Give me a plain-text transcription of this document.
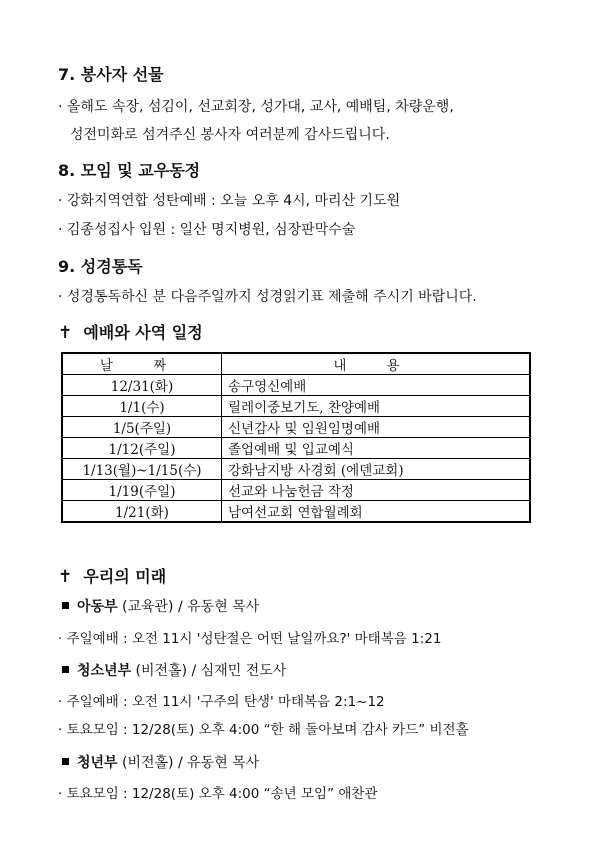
7. 봉사자 선물
· 올해도 속장, 섬김이, 선교회장, 성가대, 교사, 예배팀, 차량운행,
성전미화로 섬겨주신 봉사자 여러분께 감사드립니다.
8. 모임 및 교우동정
· 강화지역연합 성탄예배 : 오늘 오후 4시, 마리산 기도원
· 김종성집사 입원 : 일산 명지병원, 심장판막수술
9. 성경통독
· 성경통독하신 분 다음주일까지 성경읽기표 제출해 주시기 바랍니다.
✝ 예배와 사역 일정
날 짜	내 용
12/31(화)	송구영신예배
1/1(수)	릴레이중보기도, 찬양예배
1/5(주일)	신년감사 및 임원임명예배
1/12(주일)	졸업예배 및 입교예식
1/13(월)~1/15(수)	강화남지방 사경회 (에덴교회)
1/19(주일)	선교와 나눔헌금 작정
1/21(화)	남여선교회 연합월례회
✝ 우리의 미래
아동부 (교육관) / 유동현 목사
· 주일예배 : 오전 11시 '성탄절은 어떤 날일까요?' 마태복음 1:21
청소년부 (비전홀) / 심재민 전도사
· 주일예배 : 오전 11시 '구주의 탄생' 마태복음 2:1~12
· 토요모임 : 12/28(토) 오후 4:00 “한 해 돌아보며 감사 카드” 비전홀
청년부 (비전홀) / 유동현 목사
· 토요모임 : 12/28(토) 오후 4:00 “송년 모임” 애찬관
